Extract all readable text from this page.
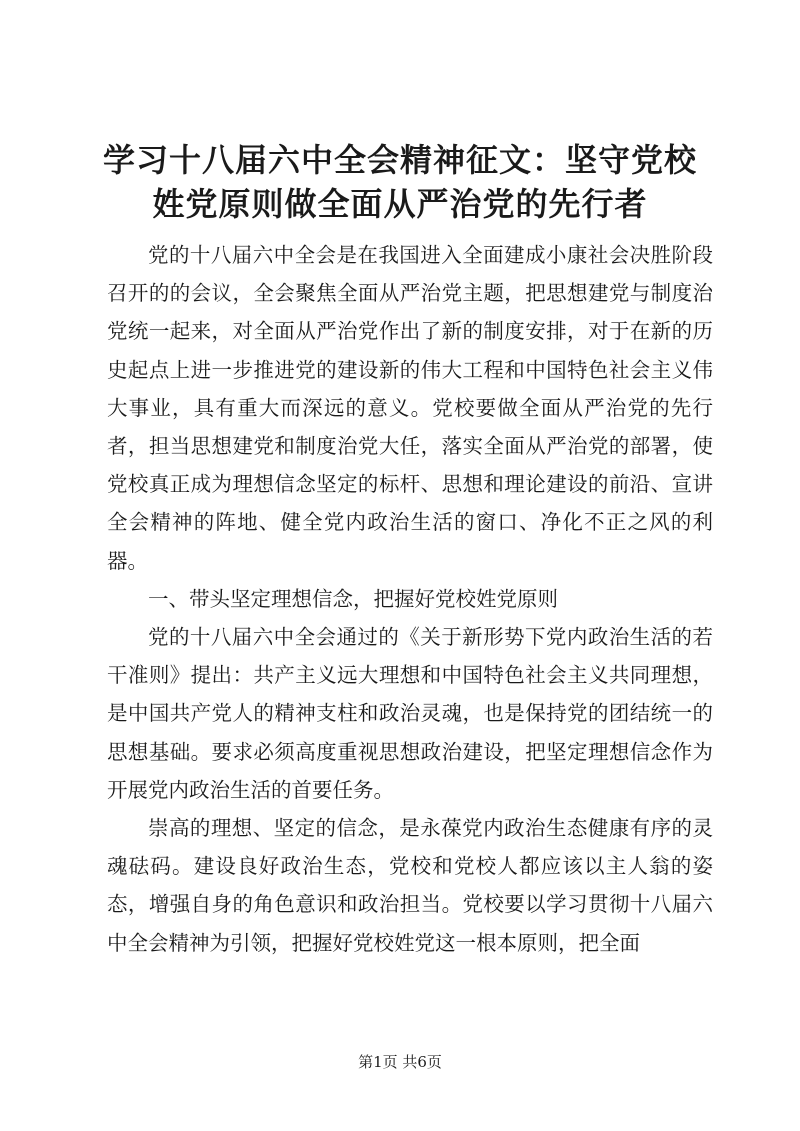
学习十八届六中全会精神征文：坚守党校姓党原则做全面从严治党的先行者

党的十八届六中全会是在我国进入全面建成小康社会决胜阶段召开的的会议，全会聚焦全面从严治党主题，把思想建党与制度治党统一起来，对全面从严治党作出了新的制度安排，对于在新的历史起点上进一步推进党的建设新的伟大工程和中国特色社会主义伟大事业，具有重大而深远的意义。党校要做全面从严治党的先行者，担当思想建党和制度治党大任，落实全面从严治党的部署，使党校真正成为理想信念坚定的标杆、思想和理论建设的前沿、宣讲全会精神的阵地、健全党内政治生活的窗口、净化不正之风的利器。

一、带头坚定理想信念，把握好党校姓党原则

党的十八届六中全会通过的《关于新形势下党内政治生活的若干准则》提出：共产主义远大理想和中国特色社会主义共同理想，是中国共产党人的精神支柱和政治灵魂，也是保持党的团结统一的思想基础。要求必须高度重视思想政治建设，把坚定理想信念作为开展党内政治生活的首要任务。

崇高的理想、坚定的信念，是永葆党内政治生态健康有序的灵魂砝码。建设良好政治生态，党校和党校人都应该以主人翁的姿态，增强自身的角色意识和政治担当。党校要以学习贯彻十八届六中全会精神为引领，把握好党校姓党这一根本原则，把全面

第1页 共6页
